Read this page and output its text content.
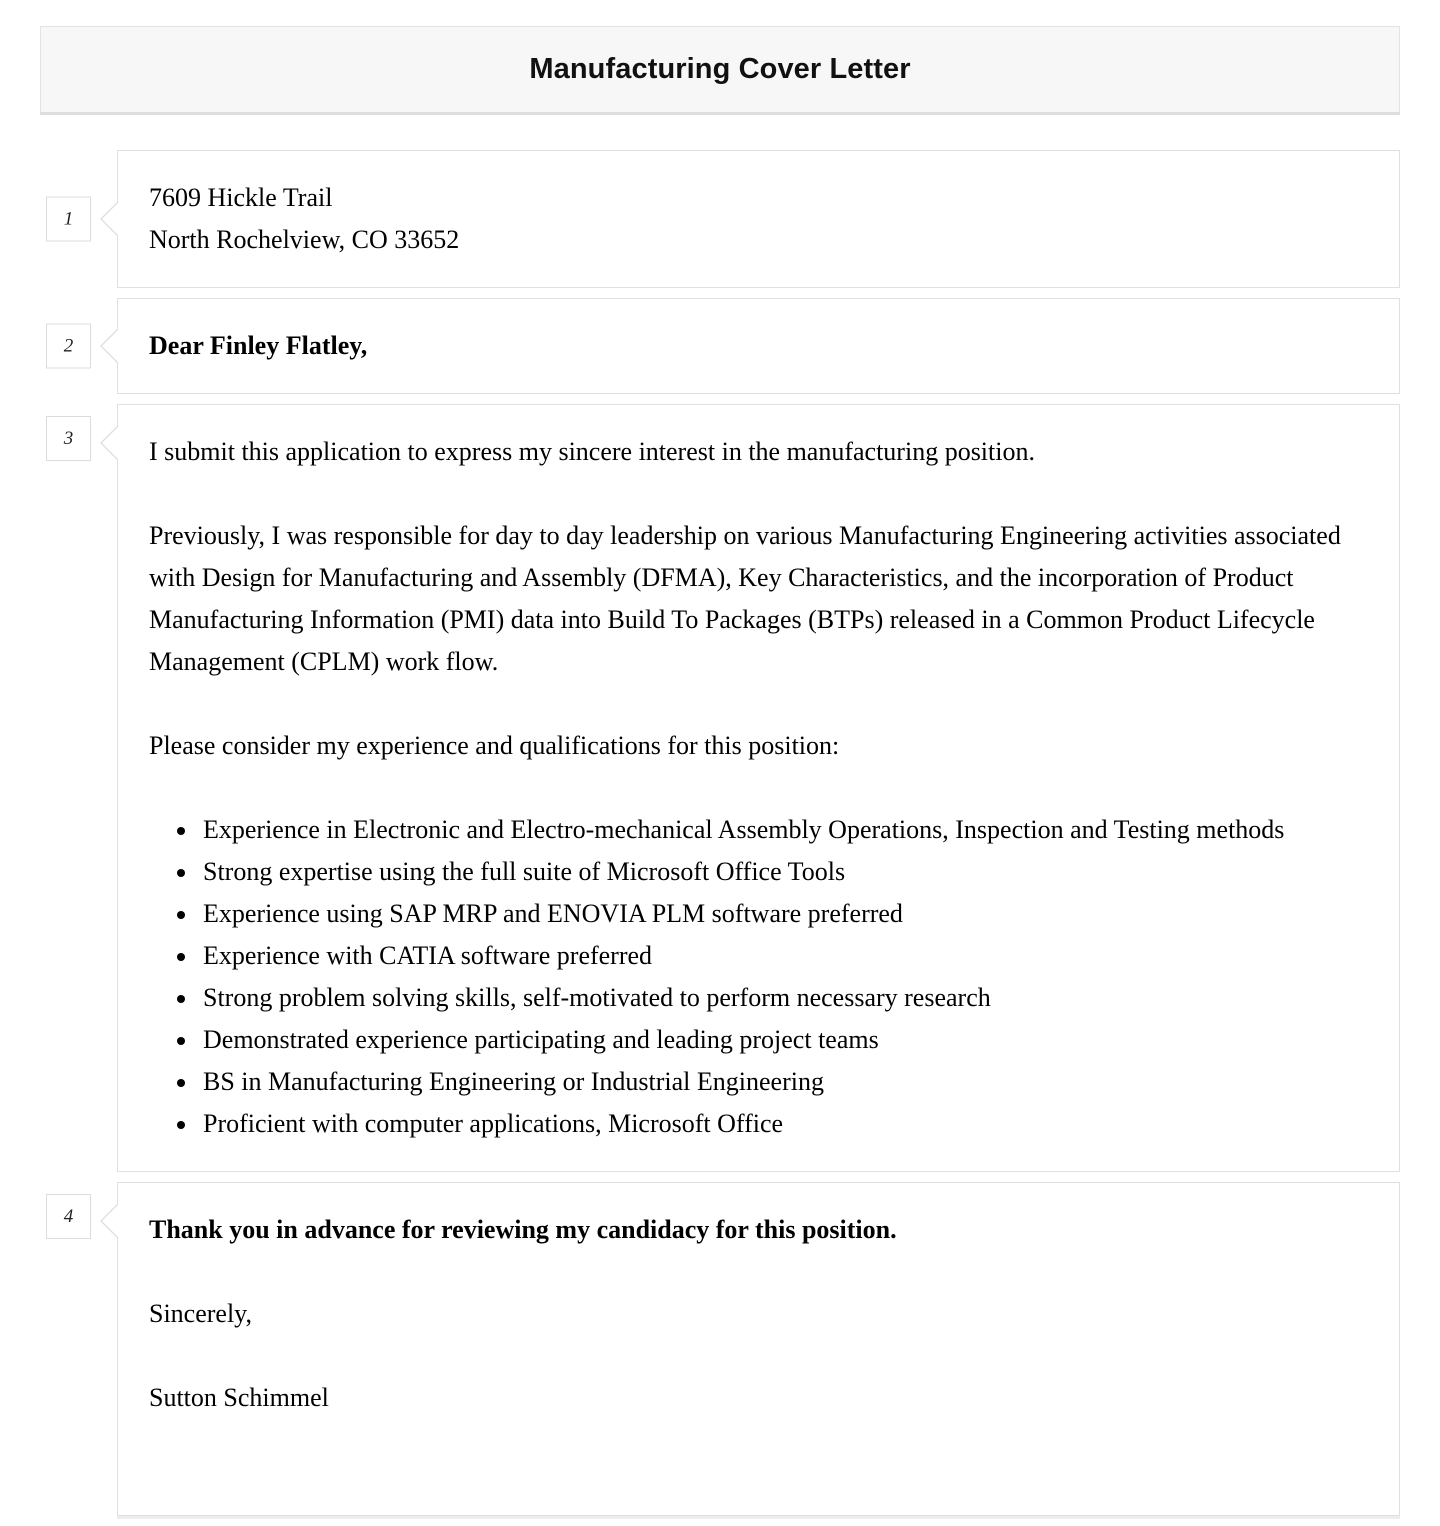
Manufacturing Cover Letter
1
7609 Hickle Trail
North Rochelview, CO 33652
2	Dear Finley Flatley,
3	I submit this application to express my sincere interest in the manufacturing position.

Previously, I was responsible for day to day leadership on various Manufacturing Engineering activities associated with Design for Manufacturing and Assembly (DFMA), Key Characteristics, and the incorporation of Product Manufacturing Information (PMI) data into Build To Packages (BTPs) released in a Common Product Lifecycle Management (CPLM) work flow.

Please consider my experience and qualifications for this position:

• Experience in Electronic and Electro-mechanical Assembly Operations, Inspection and Testing methods
• Strong expertise using the full suite of Microsoft Office Tools
• Experience using SAP MRP and ENOVIA PLM software preferred
• Experience with CATIA software preferred
• Strong problem solving skills, self-motivated to perform necessary research
• Demonstrated experience participating and leading project teams
• BS in Manufacturing Engineering or Industrial Engineering
• Proficient with computer applications, Microsoft Office
4	Thank you in advance for reviewing my candidacy for this position.

Sincerely,

Sutton Schimmel
